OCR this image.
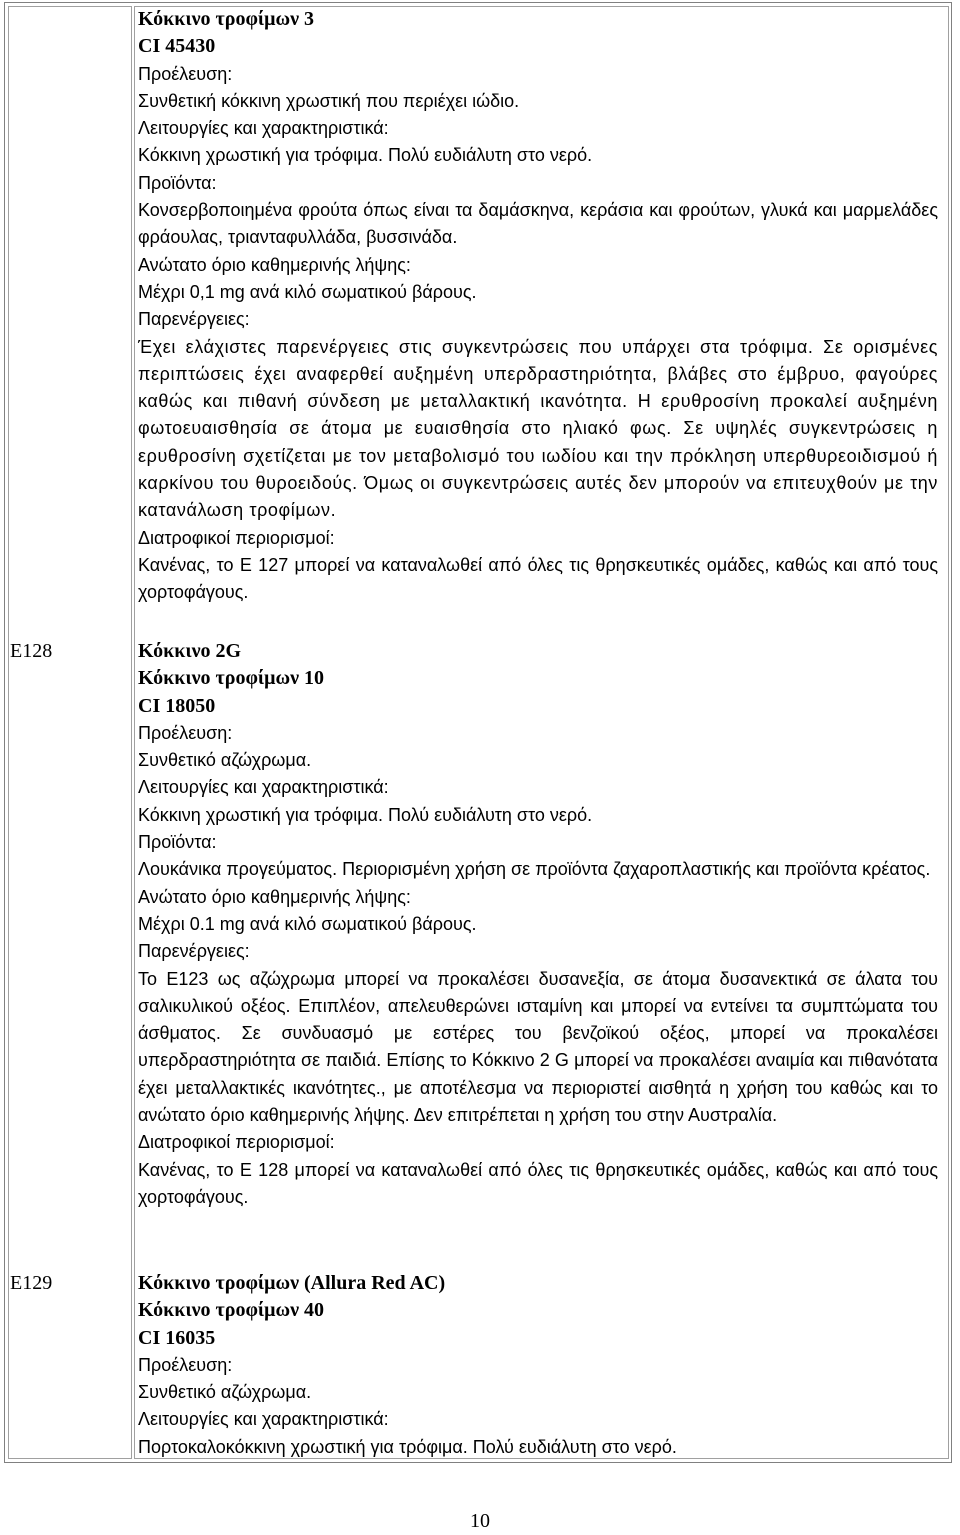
Κόκκινο τροφίμων 3
CI 45430
Προέλευση:
Συνθετική κόκκινη χρωστική που περιέχει ιώδιο.
Λειτουργίες και χαρακτηριστικά:
Κόκκινη χρωστική για τρόφιμα. Πολύ ευδιάλυτη στο νερό.
Προϊόντα:
Κονσερβοποιημένα φρούτα όπως είναι τα δαμάσκηνα, κεράσια και φρούτων, γλυκά και μαρμελάδες φράουλας, τριανταφυλλάδα, βυσσινάδα.
Ανώτατο όριο καθημερινής λήψης:
Μέχρι 0,1 mg ανά κιλό σωματικού βάρους.
Παρενέργειες:
Έχει ελάχιστες παρενέργειες στις συγκεντρώσεις που υπάρχει στα τρόφιμα. Σε ορισμένες περιπτώσεις έχει αναφερθεί αυξημένη υπερδραστηριότητα, βλάβες στο έμβρυο, φαγούρες καθώς και πιθανή σύνδεση με μεταλλακτική ικανότητα. Η ερυθροσίνη προκαλεί αυξημένη φωτοευαισθησία σε άτομα με ευαισθησία στο ηλιακό φως. Σε υψηλές συγκεντρώσεις η ερυθροσίνη σχετίζεται με τον μεταβολισμό του ιωδίου και την πρόκληση υπερθυρεοιδισμού ή καρκίνου του θυροειδούς. Όμως οι συγκεντρώσεις αυτές δεν μπορούν να επιτευχθούν με την κατανάλωση τροφίμων.
Διατροφικοί περιορισμοί:
Κανένας, το Ε 127 μπορεί να καταναλωθεί από όλες τις θρησκευτικές ομάδες, καθώς και από τους χορτοφάγους.
E128	Κόκκινο 2G
Κόκκινο τροφίμων 10
CI 18050
Προέλευση:
Συνθετικό αζώχρωμα.
Λειτουργίες και χαρακτηριστικά:
Κόκκινη χρωστική για τρόφιμα. Πολύ ευδιάλυτη στο νερό.
Προϊόντα:
Λουκάνικα προγεύματος. Περιορισμένη χρήση σε προϊόντα ζαχαροπλαστικής και προϊόντα κρέατος.
Ανώτατο όριο καθημερινής λήψης:
Μέχρι 0.1 mg ανά κιλό σωματικού βάρους.
Παρενέργειες:
Το Ε123 ως αζώχρωμα μπορεί να προκαλέσει δυσανεξία, σε άτομα δυσανεκτικά σε άλατα του σαλικυλικού οξέος. Επιπλέον, απελευθερώνει ισταμίνη και μπορεί να εντείνει τα συμπτώματα του άσθματος. Σε συνδυασμό με εστέρες του βενζοϊκού οξέος, μπορεί να προκαλέσει υπερδραστηριότητα σε παιδιά. Επίσης το Κόκκινο 2 G μπορεί να προκαλέσει αναιμία και πιθανότατα έχει μεταλλακτικές ικανότητες., με αποτέλεσμα να περιοριστεί αισθητά η χρήση του καθώς και το ανώτατο όριο καθημερινής λήψης. Δεν επιτρέπεται η χρήση του στην Αυστραλία.
Διατροφικοί περιορισμοί:
Κανένας, το Ε 128 μπορεί να καταναλωθεί από όλες τις θρησκευτικές ομάδες, καθώς και από τους χορτοφάγους.
E129	Κόκκινο τροφίμων (Allura Red AC)
Κόκκινο τροφίμων 40
CI 16035
Προέλευση:
Συνθετικό αζώχρωμα.
Λειτουργίες και χαρακτηριστικά:
Πορτοκαλοκόκκινη χρωστική για τρόφιμα. Πολύ ευδιάλυτη στο νερό.
10
